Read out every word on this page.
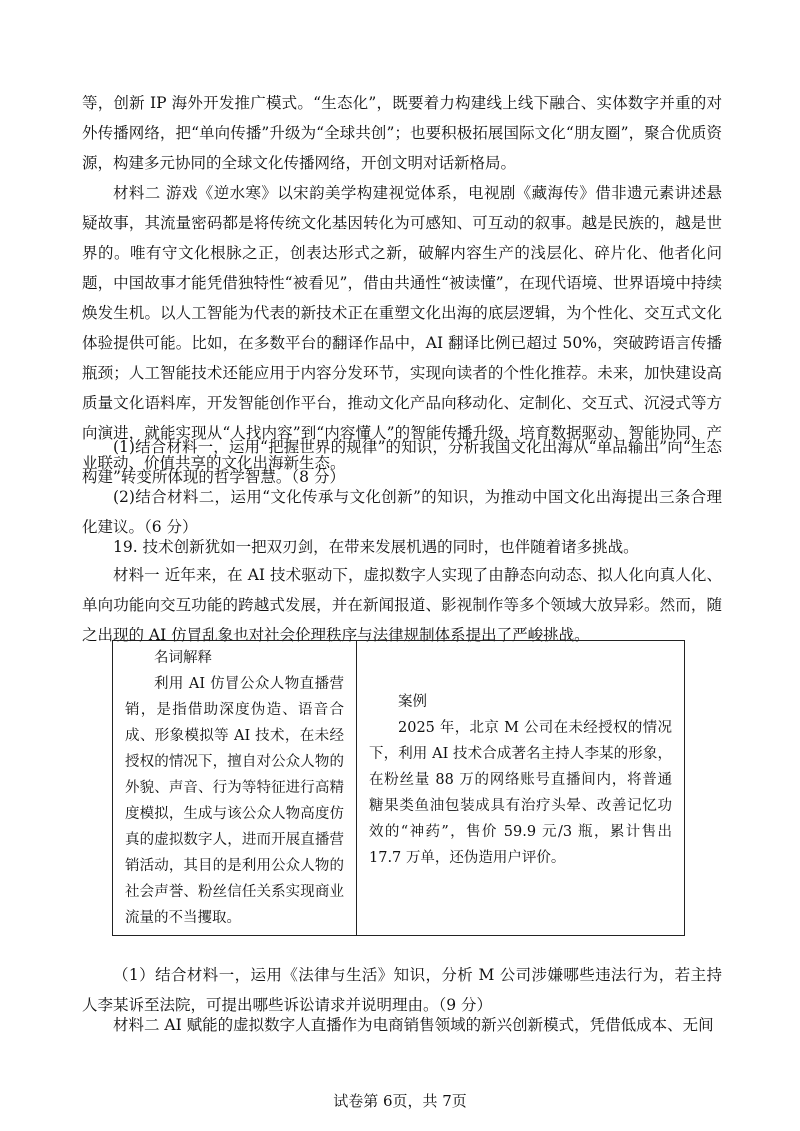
等，创新 IP 海外开发推广模式。“生态化”，既要着力构建线上线下融合、实体数字并重的对外传播网络，把“单向传播”升级为“全球共创”；也要积极拓展国际文化“朋友圈”，聚合优质资源，构建多元协同的全球文化传播网络，开创文明对话新格局。

材料二 游戏《逆水寒》以宋韵美学构建视觉体系，电视剧《藏海传》借非遗元素讲述悬疑故事，其流量密码都是将传统文化基因转化为可感知、可互动的叙事。越是民族的，越是世界的。唯有守文化根脉之正，创表达形式之新，破解内容生产的浅层化、碎片化、他者化问题，中国故事才能凭借独特性“被看见”，借由共通性“被读懂”，在现代语境、世界语境中持续焕发生机。以人工智能为代表的新技术正在重塑文化出海的底层逻辑，为个性化、交互式文化体验提供可能。比如，在多数平台的翻译作品中，AI 翻译比例已超过 50%，突破跨语言传播瓶颈；人工智能技术还能应用于内容分发环节，实现向读者的个性化推荐。未来，加快建设高质量文化语料库，开发智能创作平台，推动文化产品向移动化、定制化、交互式、沉浸式等方向演进，就能实现从“人找内容”到“内容懂人”的智能传播升级，培育数据驱动、智能协同、产业联动、价值共享的文化出海新生态。

(1)结合材料一，运用“把握世界的规律”的知识，分析我国文化出海从“单品输出”向“生态构建”转变所体现的哲学智慧。（8 分）

(2)结合材料二，运用“文化传承与文化创新”的知识，为推动中国文化出海提出三条合理化建议。（6 分）

19. 技术创新犹如一把双刃剑，在带来发展机遇的同时，也伴随着诸多挑战。

材料一 近年来，在 AI 技术驱动下，虚拟数字人实现了由静态向动态、拟人化向真人化、单向功能向交互功能的跨越式发展，并在新闻报道、影视制作等多个领域大放异彩。然而，随之出现的 AI 仿冒乱象也对社会伦理秩序与法律规制体系提出了严峻挑战。

名词解释
利用 AI 仿冒公众人物直播营销，是指借助深度伪造、语音合成、形象模拟等 AI 技术，在未经授权的情况下，擅自对公众人物的外貌、声音、行为等特征进行高精度模拟，生成与该公众人物高度仿真的虚拟数字人，进而开展直播营销活动，其目的是利用公众人物的社会声誉、粉丝信任关系实现商业流量的不当攫取。
案例
2025 年，北京 M 公司在未经授权的情况下，利用 AI 技术合成著名主持人李某的形象，在粉丝量 88 万的网络账号直播间内，将普通糖果类鱼油包装成具有治疗头晕、改善记忆功效的“神药”，售价 59.9 元/3 瓶，累计售出 17.7 万单，还伪造用户评价。

（1）结合材料一，运用《法律与生活》知识，分析 M 公司涉嫌哪些违法行为，若主持人李某诉至法院，可提出哪些诉讼请求并说明理由。（9 分）

材料二 AI 赋能的虚拟数字人直播作为电商销售领域的新兴创新模式，凭借低成本、无间

试卷第 6页，共 7页
